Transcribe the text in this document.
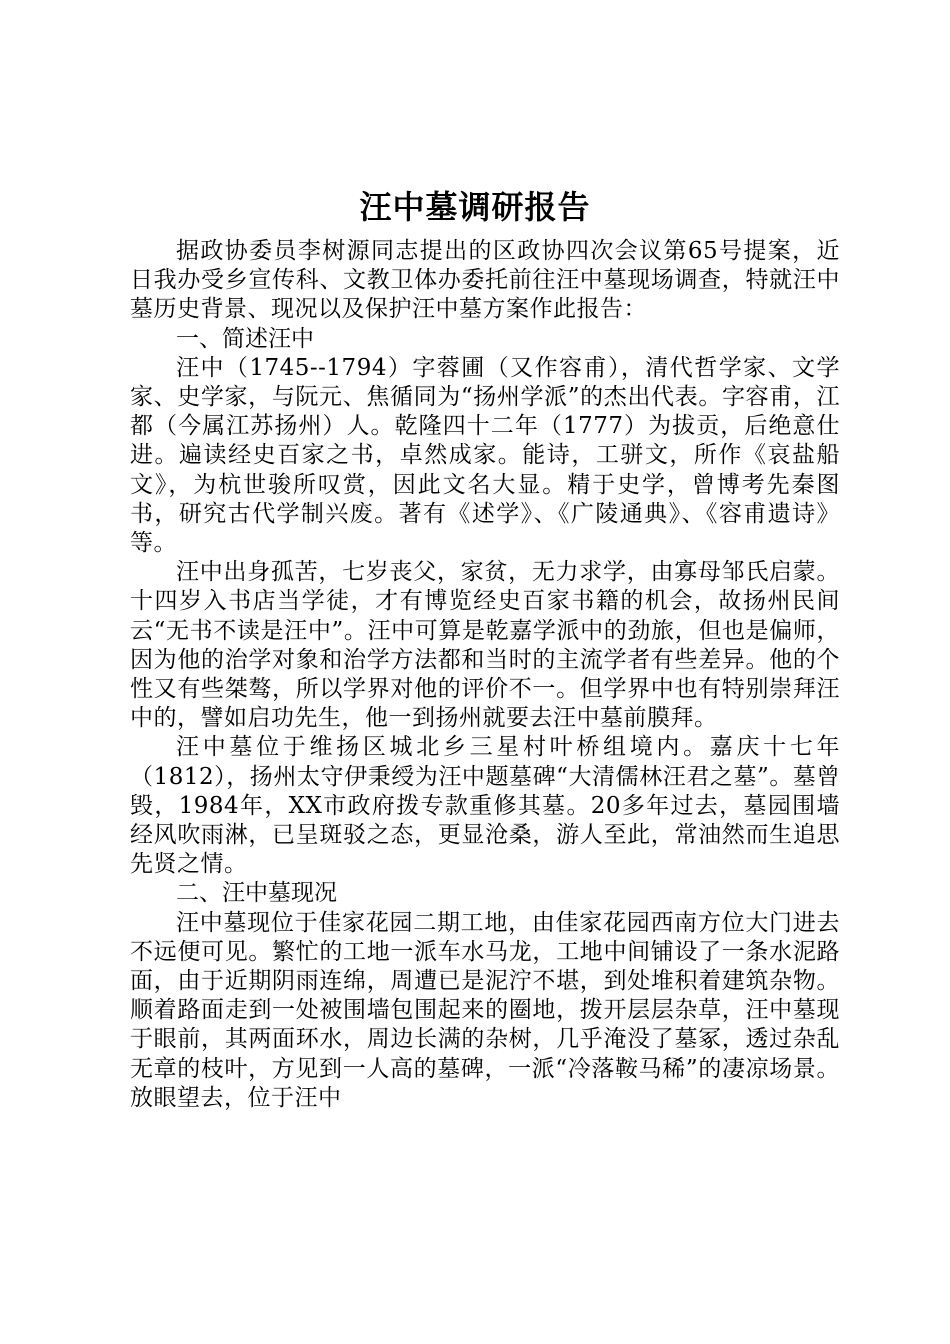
汪中墓调研报告

据政协委员李树源同志提出的区政协四次会议第65号提案，近日我办受乡宣传科、文教卫体办委托前往汪中墓现场调查，特就汪中墓历史背景、现况以及保护汪中墓方案作此报告：

一、简述汪中

汪中（1745--1794）字蓉圃（又作容甫），清代哲学家、文学家、史学家，与阮元、焦循同为“扬州学派”的杰出代表。字容甫，江都（今属江苏扬州）人。乾隆四十二年（1777）为拔贡，后绝意仕进。遍读经史百家之书，卓然成家。能诗，工骈文，所作《哀盐船文》，为杭世骏所叹赏，因此文名大显。精于史学，曾博考先秦图书，研究古代学制兴废。著有《述学》、《广陵通典》、《容甫遗诗》等。

汪中出身孤苦，七岁丧父，家贫，无力求学，由寡母邹氏启蒙。十四岁入书店当学徒，才有博览经史百家书籍的机会，故扬州民间云“无书不读是汪中”。汪中可算是乾嘉学派中的劲旅，但也是偏师，因为他的治学对象和治学方法都和当时的主流学者有些差异。他的个性又有些桀骜，所以学界对他的评价不一。但学界中也有特别崇拜汪中的，譬如启功先生，他一到扬州就要去汪中墓前膜拜。

汪中墓位于维扬区城北乡三星村叶桥组境内。嘉庆十七年（1812），扬州太守伊秉绶为汪中题墓碑“大清儒林汪君之墓”。墓曾毁，1984年，XX市政府拨专款重修其墓。20多年过去，墓园围墙经风吹雨淋，已呈斑驳之态，更显沧桑，游人至此，常油然而生追思先贤之情。

二、汪中墓现况

汪中墓现位于佳家花园二期工地，由佳家花园西南方位大门进去不远便可见。繁忙的工地一派车水马龙，工地中间铺设了一条水泥路面，由于近期阴雨连绵，周遭已是泥泞不堪，到处堆积着建筑杂物。顺着路面走到一处被围墙包围起来的圈地，拨开层层杂草，汪中墓现于眼前，其两面环水，周边长满的杂树，几乎淹没了墓冢，透过杂乱无章的枝叶，方见到一人高的墓碑，一派“冷落鞍马稀”的凄凉场景。放眼望去，位于汪中
